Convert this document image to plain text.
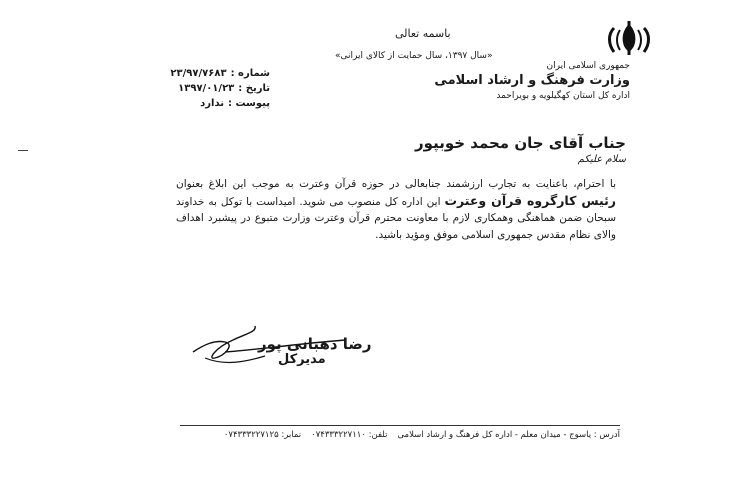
جمهوری اسلامی ایران
وزارت فرهنگ و ارشاد اسلامی
اداره کل استان کهگیلویه و بویراحمد
باسمه تعالی
«سال ۱۳۹۷، سال حمایت از کالای ایرانی»
شماره :
۲۳/۹۷/۷۶۸۳
تاریخ :
۱۳۹۷/۰۱/۲۳
پیوست :
ندارد
جناب آقای جان محمد خوبپور
سلام علیکم
با احترام، باعنایت به تجارب ارزشمند جنابعالی در حوزه قرآن وعترت به موجب این ابلاغ بعنوان رئیس کارگروه قرآن وعترت این اداره کل منصوب می شوید. امیداست با توکل به خداوند سبحان ضمن هماهنگی وهمکاری لازم با معاونت محترم قرآن وعترت وزارت متبوع در پیشبرد اهداف والای نظام مقدس جمهوری اسلامی موفق ومؤید باشید.
رضا دهبانی پور
مدیرکل
آدرس : یاسوج - میدان معلم - اداره کل فرهنگ و ارشاد اسلامی
تلفن: ۰۷۴۳۳۳۲۲۷۱۱۰
نمابر: ۰۷۴۳۳۳۲۲۷۱۲۵
